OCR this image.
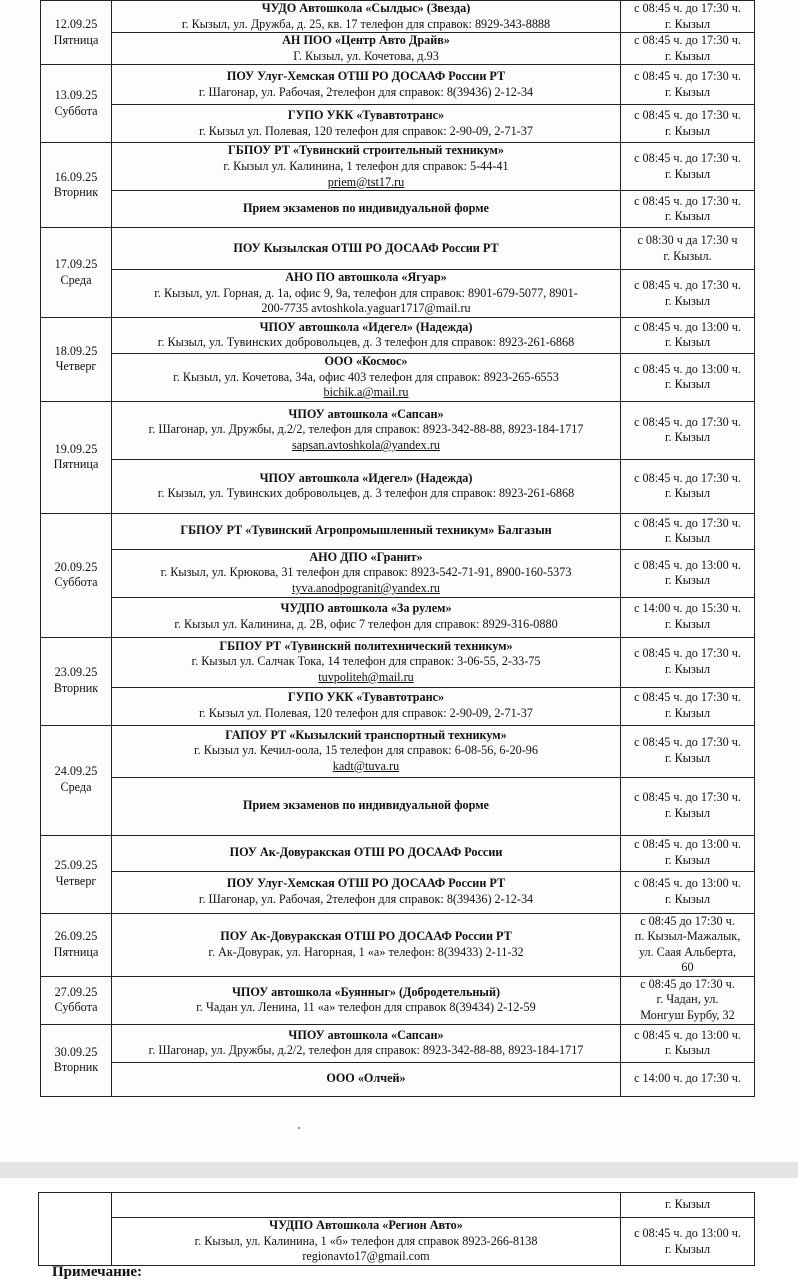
12.09.25
Пятница	ЧУДО Автошкола «Сылдыс» (Звезда)
г. Кызыл, ул. Дружба, д. 25, кв. 17 телефон для справок: 8929-343-8888	с 08:45 ч. до 17:30 ч.
г. Кызыл

	АН ПОО «Центр Авто Драйв»
Г. Кызыл, ул. Кочетова, д.93	с 08:45 ч. до 17:30 ч.
г. Кызыл

13.09.25
Суббота	ПОУ Улуг-Хемская ОТШ РО ДОСААФ России РТ
г. Шагонар, ул. Рабочая, 2телефон для справок: 8(39436) 2-12-34	с 08:45 ч. до 17:30 ч.
г. Кызыл

	ГУПО УКК «Тувавтотранс»
г. Кызыл ул. Полевая, 120 телефон для справок: 2-90-09, 2-71-37	с 08:45 ч. до 17:30 ч.
г. Кызыл

16.09.25
Вторник	ГБПОУ РТ «Тувинский строительный техникум»
г. Кызыл ул. Калинина, 1 телефон для справок: 5-44-41
priem@tst17.ru	с 08:45 ч. до 17:30 ч.
г. Кызыл

	Прием экзаменов по индивидуальной форме	с 08:45 ч. до 17:30 ч.
г. Кызыл

17.09.25
Среда	ПОУ Кызылская ОТШ РО ДОСААФ России РТ	с 08:30 ч да 17:30 ч
г. Кызыл.

	АНО ПО автошкола «Ягуар»
г. Кызыл, ул. Горная, д. 1а, офис 9, 9а, телефон для справок: 8901-679-5077, 8901-
200-7735 avtoshkola.yaguar1717@mail.ru	с 08:45 ч. до 17:30 ч.
г. Кызыл

18.09.25
Четверг	ЧПОУ автошкола «Идегел» (Надежда)
г. Кызыл, ул. Тувинских добровольцев, д. 3 телефон для справок: 8923-261-6868	с 08:45 ч. до 13:00 ч.
г. Кызыл

	ООО «Космос»
г. Кызыл, ул. Кочетова, 34а, офис 403 телефон для справок: 8923-265-6553
bichik.a@mail.ru	с 08:45 ч. до 13:00 ч.
г. Кызыл

19.09.25
Пятница	ЧПОУ автошкола «Сапсан»
г. Шагонар, ул. Дружбы, д.2/2, телефон для справок: 8923-342-88-88, 8923-184-1717
sapsan.avtoshkola@yandex.ru	с 08:45 ч. до 17:30 ч.
г. Кызыл

	ЧПОУ автошкола «Идегел» (Надежда)
г. Кызыл, ул. Тувинских добровольцев, д. 3 телефон для справок: 8923-261-6868	с 08:45 ч. до 17:30 ч.
г. Кызыл

20.09.25
Суббота	ГБПОУ РТ «Тувинский Агропромышленный техникум» Балгазын	с 08:45 ч. до 17:30 ч.
г. Кызыл

	АНО ДПО «Гранит»
г. Кызыл, ул. Крюкова, 31 телефон для справок: 8923-542-71-91, 8900-160-5373
tyva.anodpogranit@yandex.ru	с 08:45 ч. до 13:00 ч.
г. Кызыл

	ЧУДПО автошкола «За рулем»
г. Кызыл ул. Калинина, д. 2В, офис 7 телефон для справок: 8929-316-0880	с 14:00 ч. до 15:30 ч.
г. Кызыл

23.09.25
Вторник	ГБПОУ РТ «Тувинский политехнический техникум»
г. Кызыл ул. Салчак Тока, 14 телефон для справок: 3-06-55, 2-33-75
tuvpoliteh@mail.ru	с 08:45 ч. до 17:30 ч.
г. Кызыл

	ГУПО УКК «Тувавтотранс»
г. Кызыл ул. Полевая, 120 телефон для справок: 2-90-09, 2-71-37	с 08:45 ч. до 17:30 ч.
г. Кызыл

24.09.25
Среда	ГАПОУ РТ «Кызылский транспортный техникум»
г. Кызыл ул. Кечил-оола, 15 телефон для справок: 6-08-56, 6-20-96
kadt@tuva.ru	с 08:45 ч. до 17:30 ч.
г. Кызыл

	Прием экзаменов по индивидуальной форме	с 08:45 ч. до 17:30 ч.
г. Кызыл

25.09.25
Четверг	ПОУ Ак-Довуракская ОТШ РО ДОСААФ России	с 08:45 ч. до 13:00 ч.
г. Кызыл

	ПОУ Улуг-Хемская ОТШ РО ДОСААФ России РТ
г. Шагонар, ул. Рабочая, 2телефон для справок: 8(39436) 2-12-34	с 08:45 ч. до 13:00 ч.
г. Кызыл

26.09.25
Пятница	ПОУ Ак-Довуракская ОТШ РО ДОСААФ России РТ
г. Ак-Довурак, ул. Нагорная, 1 «а» телефон: 8(39433) 2-11-32	с 08:45 до 17:30 ч.
п. Кызыл-Мажалык,
ул. Саая Альберта,
60

27.09.25
Суббота	ЧПОУ автошкола «Буянныг» (Добродетельный)
г. Чадан ул. Ленина, 11 «а» телефон для справок 8(39434) 2-12-59	с 08:45 до 17:30 ч.
г. Чадан, ул.
Монгуш Бурбу, 32

30.09.25
Вторник	ЧПОУ автошкола «Сапсан»
г. Шагонар, ул. Дружбы, д.2/2, телефон для справок: 8923-342-88-88, 8923-184-1717	с 08:45 ч. до 13:00 ч.
г. Кызыл

	ООО «Олчей»	с 14:00 ч. до 17:30 ч.

		г. Кызыл

	ЧУДПО Автошкола «Регион Авто»
г. Кызыл, ул. Калинина, 1 «б» телефон для справок 8923-266-8138
regionavto17@gmail.com	с 08:45 ч. до 13:00 ч.
г. Кызыл
Примечание:
